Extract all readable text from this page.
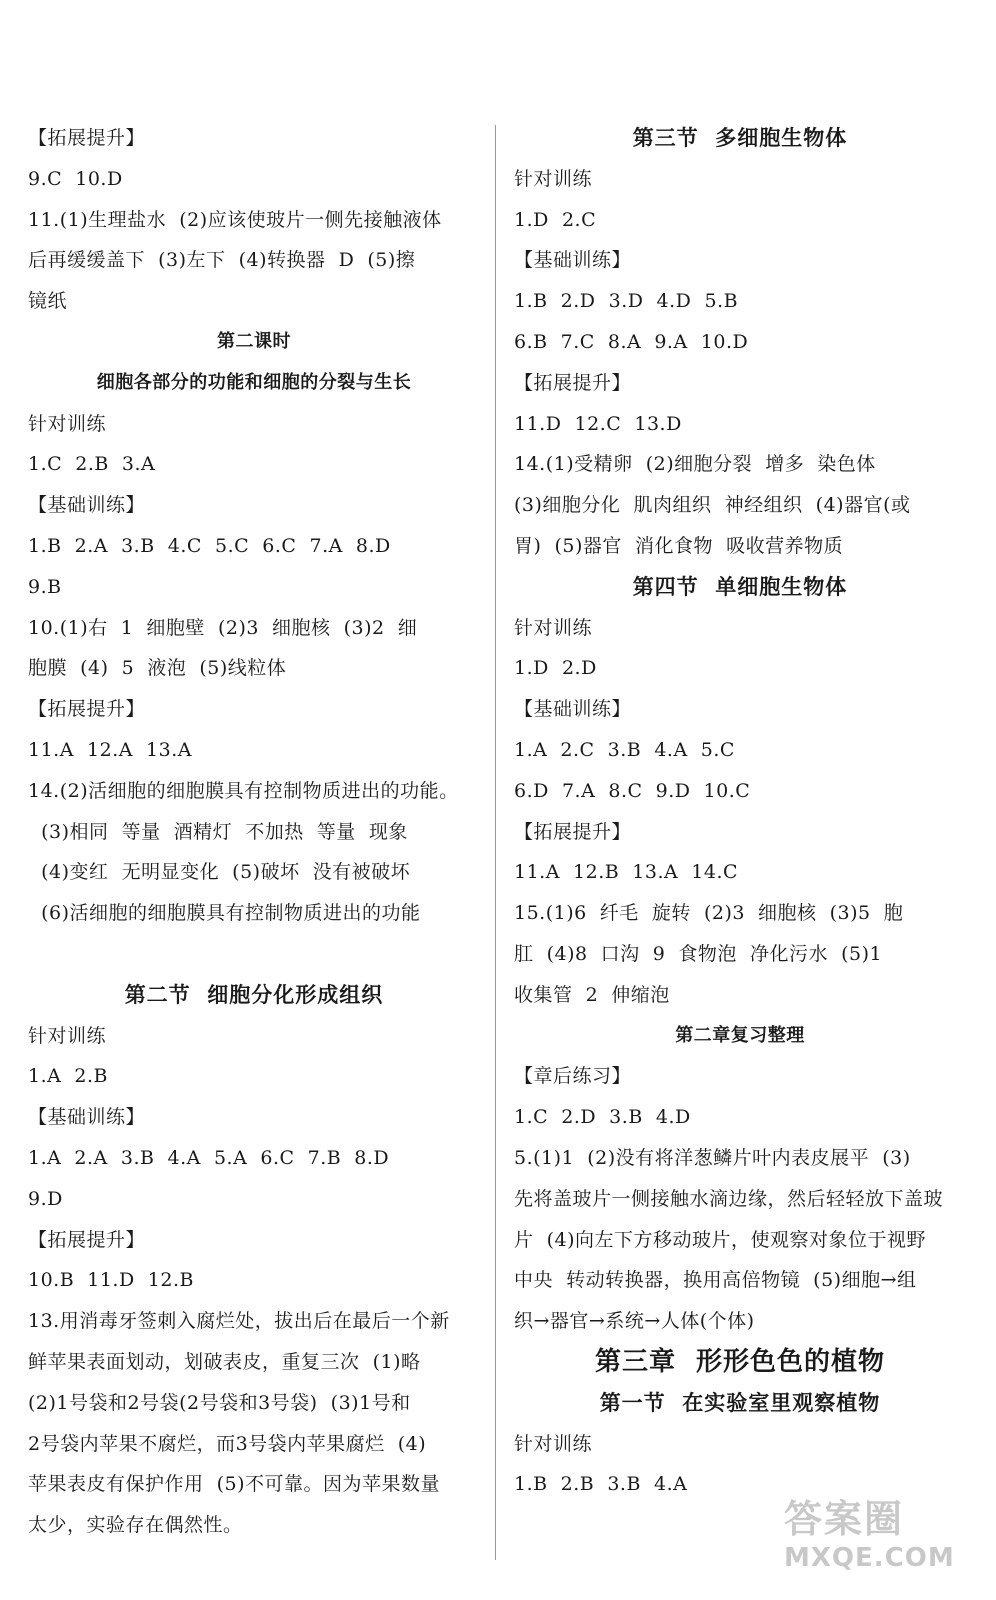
【拓展提升】
9.C  10.D
11.(1)生理盐水  (2)应该使玻片一侧先接触液体
后再缓缓盖下  (3)左下  (4)转换器  D  (5)擦
镜纸
第二课时
细胞各部分的功能和细胞的分裂与生长
针对训练
1.C  2.B  3.A
【基础训练】
1.B  2.A  3.B  4.C  5.C  6.C  7.A  8.D
9.B
10.(1)右  1  细胞壁  (2)3  细胞核  (3)2  细
胞膜  (4)  5  液泡  (5)线粒体
【拓展提升】
11.A  12.A  13.A
14.(2)活细胞的细胞膜具有控制物质进出的功能。
(3)相同  等量  酒精灯  不加热  等量  现象
(4)变红  无明显变化  (5)破坏  没有被破坏
(6)活细胞的细胞膜具有控制物质进出的功能
第二节  细胞分化形成组织
针对训练
1.A  2.B
【基础训练】
1.A  2.A  3.B  4.A  5.A  6.C  7.B  8.D
9.D
【拓展提升】
10.B  11.D  12.B
13.用消毒牙签刺入腐烂处，拔出后在最后一个新
鲜苹果表面划动，划破表皮，重复三次  (1)略
(2)1号袋和2号袋(2号袋和3号袋)  (3)1号和
2号袋内苹果不腐烂，而3号袋内苹果腐烂  (4)
苹果表皮有保护作用  (5)不可靠。因为苹果数量
太少，实验存在偶然性。
第三节  多细胞生物体
针对训练
1.D  2.C
【基础训练】
1.B  2.D  3.D  4.D  5.B
6.B  7.C  8.A  9.A  10.D
【拓展提升】
11.D  12.C  13.D
14.(1)受精卵  (2)细胞分裂  增多  染色体
(3)细胞分化  肌肉组织  神经组织  (4)器官(或
胃)  (5)器官  消化食物  吸收营养物质
第四节  单细胞生物体
针对训练
1.D  2.D
【基础训练】
1.A  2.C  3.B  4.A  5.C
6.D  7.A  8.C  9.D  10.C
【拓展提升】
11.A  12.B  13.A  14.C
15.(1)6  纤毛  旋转  (2)3  细胞核  (3)5  胞
肛  (4)8  口沟  9  食物泡  净化污水  (5)1
收集管  2  伸缩泡
第二章复习整理
【章后练习】
1.C  2.D  3.B  4.D
5.(1)1  (2)没有将洋葱鳞片叶内表皮展平  (3)
先将盖玻片一侧接触水滴边缘，然后轻轻放下盖玻
片  (4)向左下方移动玻片，使观察对象位于视野
中央  转动转换器，换用高倍物镜  (5)细胞→组
织→器官→系统→人体(个体)
第三章  形形色色的植物
第一节  在实验室里观察植物
针对训练
1.B  2.B  3.B  4.A
答案圈
MXQE.COM
